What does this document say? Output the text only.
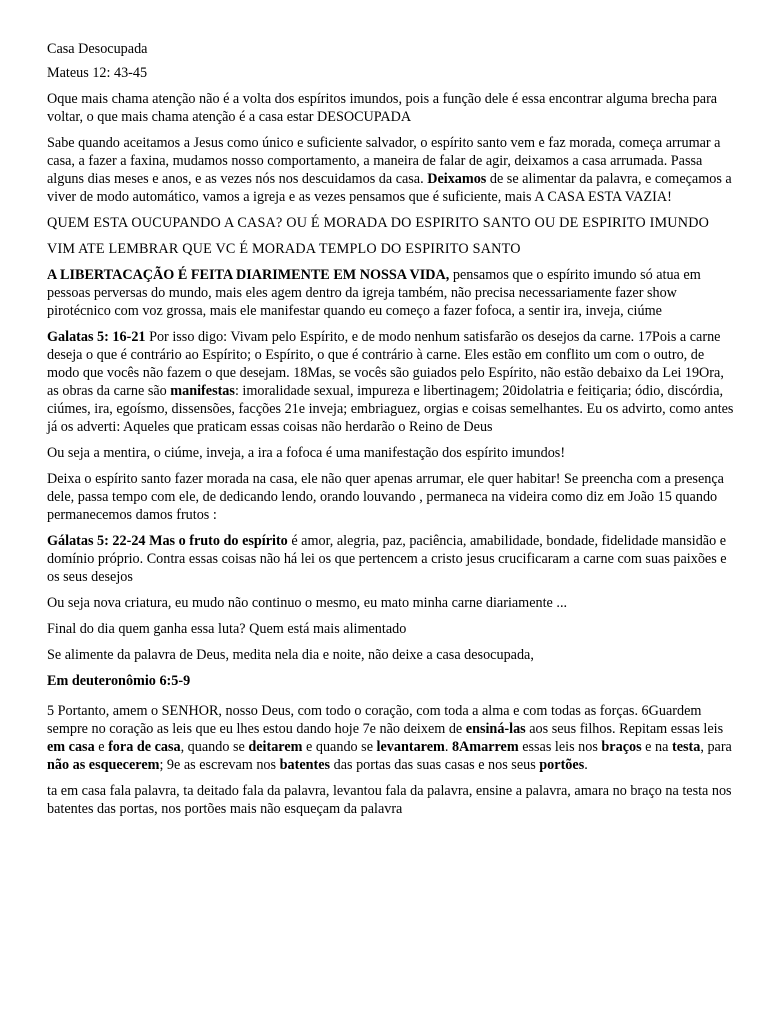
Casa Desocupada

Mateus 12: 43-45

Oque mais chama atenção não é a volta dos espíritos imundos, pois a função dele é essa encontrar alguma brecha para voltar, o que mais chama atenção é a casa estar DESOCUPADA

Sabe quando aceitamos a Jesus como único e suficiente salvador, o espírito santo vem e faz morada, começa arrumar a casa, a fazer a faxina, mudamos nosso comportamento, a maneira de falar de agir, deixamos a casa arrumada. Passa alguns dias meses e anos, e as vezes nós nos descuidamos da casa. Deixamos de se alimentar da palavra, e começamos a viver de modo automático, vamos a igreja e as vezes pensamos que é suficiente, mais A CASA ESTA VAZIA!

QUEM ESTA OUCUPANDO A CASA? OU É MORADA DO ESPIRITO SANTO OU DE ESPIRITO IMUNDO

VIM ATE LEMBRAR QUE VC É MORADA TEMPLO DO ESPIRITO SANTO

A LIBERTACAÇÃO É FEITA DIARIMENTE EM NOSSA VIDA, pensamos que o espírito imundo só atua em pessoas perversas do mundo, mais eles agem dentro da igreja também, não precisa necessariamente fazer show pirotécnico com voz grossa, mais ele manifestar quando eu começo a fazer fofoca, a sentir ira, inveja, ciúme

Galatas 5: 16-21 Por isso digo: Vivam pelo Espírito, e de modo nenhum satisfarão os desejos da carne. 17Pois a carne deseja o que é contrário ao Espírito; o Espírito, o que é contrário à carne. Eles estão em conflito um com o outro, de modo que vocês não fazem o que desejam. 18Mas, se vocês são guiados pelo Espírito, não estão debaixo da Lei 19Ora, as obras da carne são manifestas: imoralidade sexual, impureza e libertinagem; 20idolatria e feitiçaria; ódio, discórdia, ciúmes, ira, egoísmo, dissensões, facções 21e inveja; embriaguez, orgias e coisas semelhantes. Eu os advirto, como antes já os adverti: Aqueles que praticam essas coisas não herdarão o Reino de Deus

Ou seja a mentira, o ciúme, inveja, a ira a fofoca é uma manifestação dos espírito imundos!

Deixa o espírito santo fazer morada na casa, ele não quer apenas arrumar, ele quer habitar! Se preencha com a presença dele, passa tempo com ele, de dedicando lendo, orando louvando , permaneca na videira como diz em João 15 quando permanecemos damos frutos :

Gálatas 5: 22-24 Mas o fruto do espírito é amor, alegria, paz, paciência, amabilidade, bondade, fidelidade mansidão e domínio próprio. Contra essas coisas não há lei os que pertencem a cristo jesus crucificaram a carne com suas paixões e os seus desejos

Ou seja nova criatura, eu mudo não continuo o mesmo, eu mato minha carne diariamente ...

Final do dia quem ganha essa luta? Quem está mais alimentado

Se alimente da palavra de Deus, medita nela dia e noite, não deixe a casa desocupada,

Em deuteronômio 6:5-9

5 Portanto, amem o SENHOR, nosso Deus, com todo o coração, com toda a alma e com todas as forças. 6Guardem sempre no coração as leis que eu lhes estou dando hoje 7e não deixem de ensiná-las aos seus filhos. Repitam essas leis em casa e fora de casa, quando se deitarem e quando se levantarem. 8Amarrem essas leis nos braços e na testa, para não as esquecerem; 9e as escrevam nos batentes das portas das suas casas e nos seus portões.

ta em casa fala palavra, ta deitado fala da palavra, levantou fala da palavra, ensine a palavra, amara no braço na testa nos batentes das portas, nos portões mais não esqueçam da palavra
